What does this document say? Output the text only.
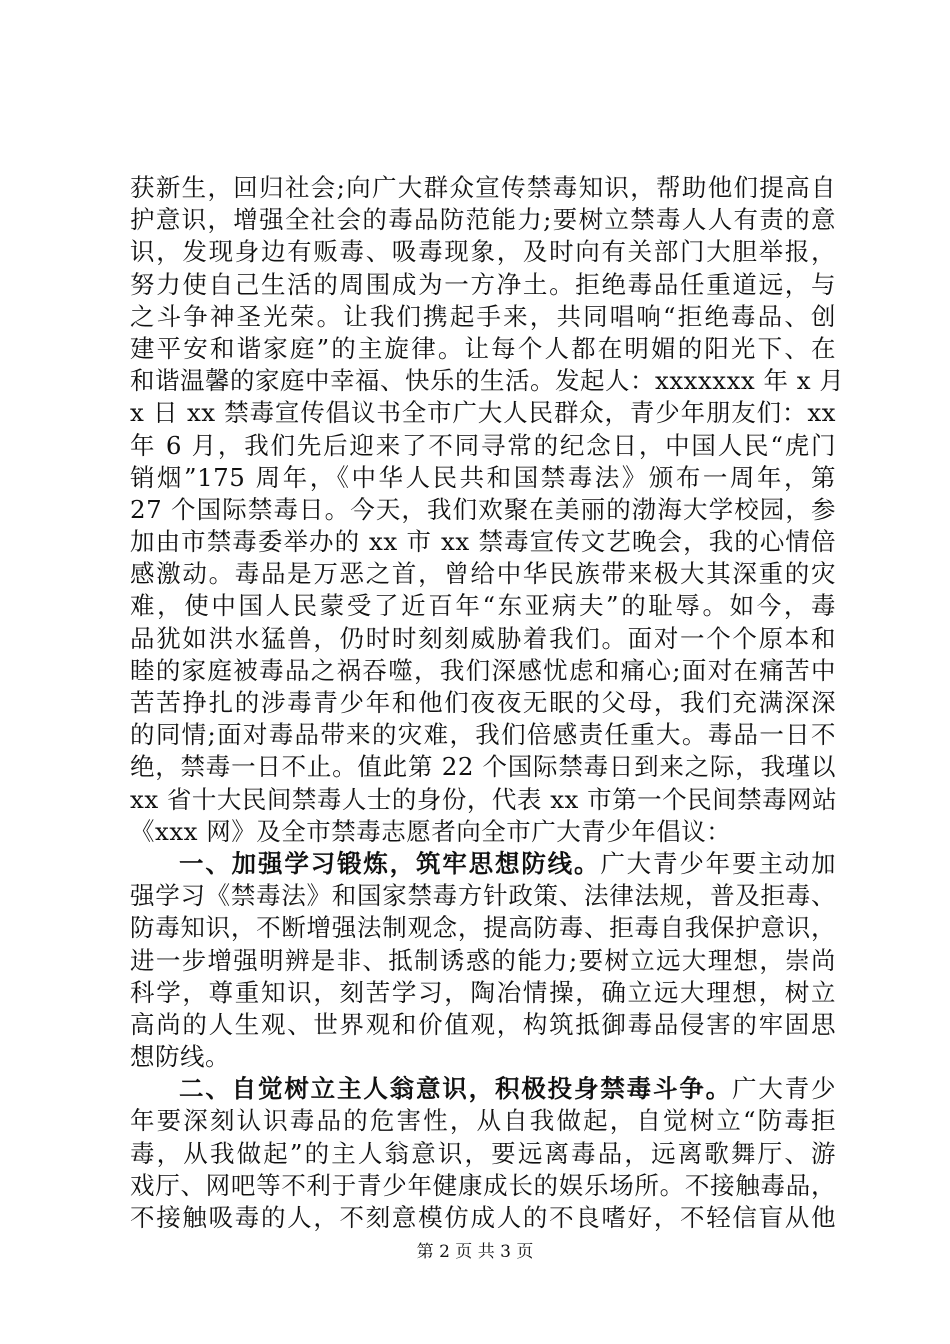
获新生，回归社会;向广大群众宣传禁毒知识，帮助他们提高自
护意识，增强全社会的毒品防范能力;要树立禁毒人人有责的意
识，发现身边有贩毒、吸毒现象，及时向有关部门大胆举报，
努力使自己生活的周围成为一方净土。拒绝毒品任重道远，与
之斗争神圣光荣。让我们携起手来，共同唱响“拒绝毒品、创
建平安和谐家庭”的主旋律。让每个人都在明媚的阳光下、在
和谐温馨的家庭中幸福、快乐的生活。发起人：xxxxxxx 年 x 月
x 日 xx 禁毒宣传倡议书全市广大人民群众，青少年朋友们：xx
年 6 月，我们先后迎来了不同寻常的纪念日，中国人民“虎门
销烟”175 周年，《中华人民共和国禁毒法》颁布一周年，第
27 个国际禁毒日。今天，我们欢聚在美丽的渤海大学校园，参
加由市禁毒委举办的 xx 市 xx 禁毒宣传文艺晚会，我的心情倍
感激动。毒品是万恶之首，曾给中华民族带来极大其深重的灾
难，使中国人民蒙受了近百年“东亚病夫”的耻辱。如今，毒
品犹如洪水猛兽，仍时时刻刻威胁着我们。面对一个个原本和
睦的家庭被毒品之祸吞噬，我们深感忧虑和痛心;面对在痛苦中
苦苦挣扎的涉毒青少年和他们夜夜无眠的父母，我们充满深深
的同情;面对毒品带来的灾难，我们倍感责任重大。毒品一日不
绝，禁毒一日不止。值此第 22 个国际禁毒日到来之际，我瑾以
xx 省十大民间禁毒人士的身份，代表 xx 市第一个民间禁毒网站
《xxx 网》及全市禁毒志愿者向全市广大青少年倡议：
一、加强学习锻炼，筑牢思想防线。广大青少年要主动加
强学习《禁毒法》和国家禁毒方针政策、法律法规，普及拒毒、
防毒知识，不断增强法制观念，提高防毒、拒毒自我保护意识，
进一步增强明辨是非、抵制诱惑的能力;要树立远大理想，崇尚
科学，尊重知识，刻苦学习，陶冶情操，确立远大理想，树立
高尚的人生观、世界观和价值观，构筑抵御毒品侵害的牢固思
想防线。
二、自觉树立主人翁意识，积极投身禁毒斗争。广大青少
年要深刻认识毒品的危害性，从自我做起，自觉树立“防毒拒
毒，从我做起”的主人翁意识，要远离毒品，远离歌舞厅、游
戏厅、网吧等不利于青少年健康成长的娱乐场所。不接触毒品，
不接触吸毒的人，不刻意模仿成人的不良嗜好，不轻信盲从他
第 2 页 共 3 页
